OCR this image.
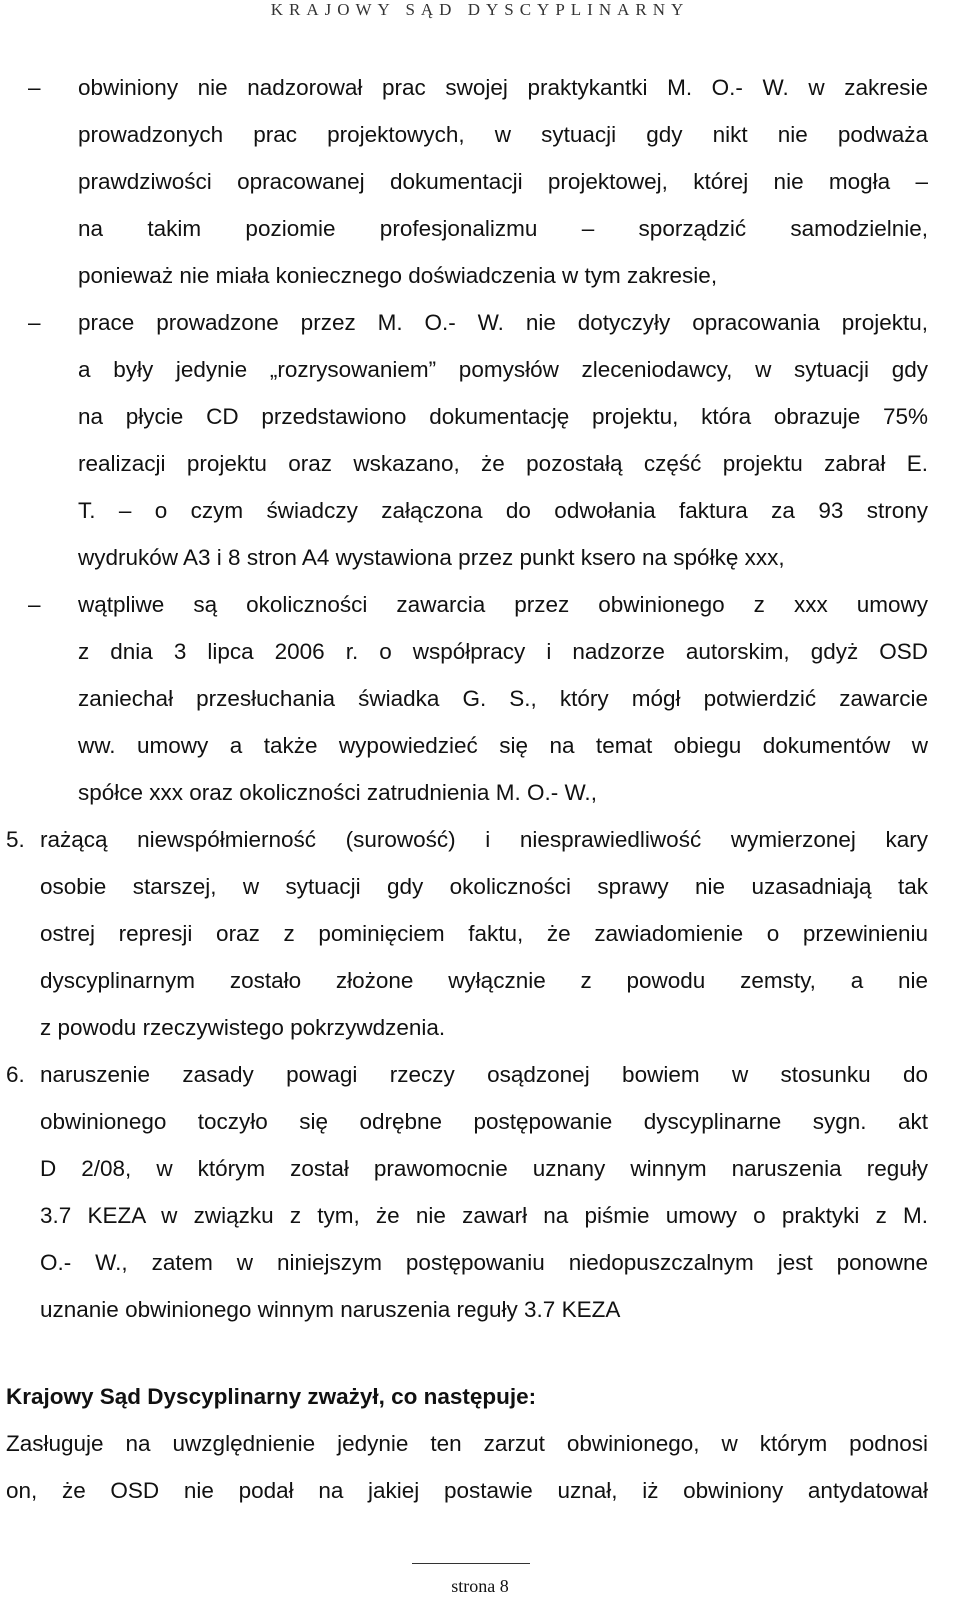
KRAJOWY SĄD DYSCYPLINARNY
–	obwiniony nie nadzorował prac swojej praktykantki M. O.- W. w zakresie
prowadzonych prac projektowych, w sytuacji gdy nikt nie podważa
prawdziwości opracowanej dokumentacji projektowej, której nie mogła –
na takim poziomie profesjonalizmu – sporządzić samodzielnie,
ponieważ nie miała koniecznego doświadczenia w tym zakresie,
–	prace prowadzone przez M. O.- W. nie dotyczyły opracowania projektu,
a były jedynie „rozrysowaniem” pomysłów zleceniodawcy, w sytuacji gdy
na płycie CD przedstawiono dokumentację projektu, która obrazuje 75%
realizacji projektu oraz wskazano, że pozostałą część projektu zabrał E.
T. – o czym świadczy załączona do odwołania faktura za 93 strony
wydruków A3 i 8 stron A4 wystawiona przez punkt ksero na spółkę xxx,
–	wątpliwe są okoliczności zawarcia przez obwinionego z xxx umowy
z dnia 3 lipca 2006 r. o współpracy i nadzorze autorskim, gdyż OSD
zaniechał przesłuchania świadka G. S., który mógł potwierdzić zawarcie
ww. umowy a także wypowiedzieć się na temat obiegu dokumentów w
spółce xxx oraz okoliczności zatrudnienia M. O.- W.,
5. rażącą niewspółmierność (surowość) i niesprawiedliwość wymierzonej kary
osobie starszej, w sytuacji gdy okoliczności sprawy nie uzasadniają tak
ostrej represji oraz z pominięciem faktu, że zawiadomienie o przewinieniu
dyscyplinarnym zostało złożone wyłącznie z powodu zemsty, a nie
z powodu rzeczywistego pokrzywdzenia.
6. naruszenie zasady powagi rzeczy osądzonej bowiem w stosunku do
obwinionego toczyło się odrębne postępowanie dyscyplinarne sygn. akt
D 2/08, w którym został prawomocnie uznany winnym naruszenia reguły
3.7 KEZA w związku z tym, że nie zawarł na piśmie umowy o praktyki z M.
O.- W., zatem w niniejszym postępowaniu niedopuszczalnym jest ponowne
uznanie obwinionego winnym naruszenia reguły 3.7 KEZA
Krajowy Sąd Dyscyplinarny zważył, co następuje:
Zasługuje na uwzględnienie jedynie ten zarzut obwinionego, w którym podnosi
on, że OSD nie podał na jakiej postawie uznał, iż obwiniony antydatował
strona 8
